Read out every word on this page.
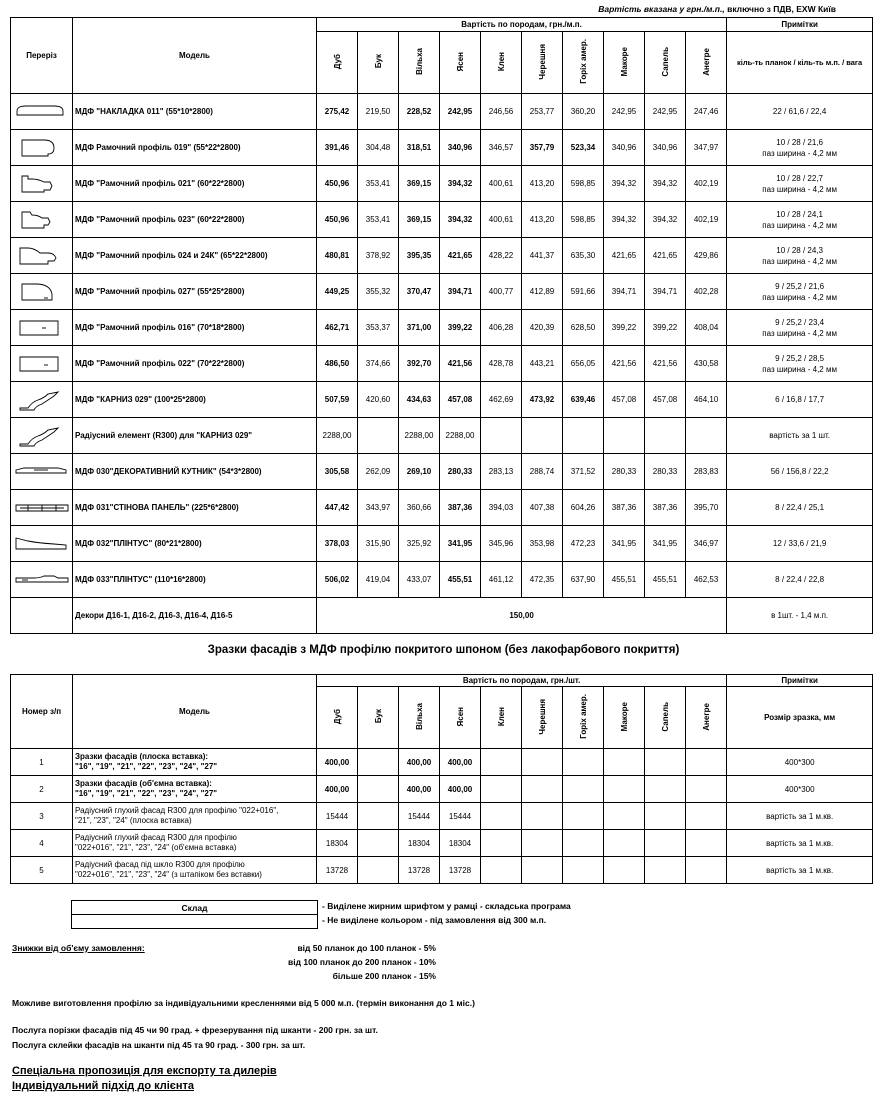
Вартість вказана у грн./м.п., включно з ПДВ, EXW Київ
Переріз	Модель	Вартість по породам, грн./м.п.										Примітки
		Дуб	Бук	Вільха	Ясен	Клен	Черешня	Горіх амер.	Макоре	Сапель	Анегре	кіль-ть планок / кіль-ть м.п. / вага

	МДФ "НАКЛАДКА 011" (55*10*2800)	275,42	219,50	228,52	242,95	246,56	253,77	360,20	242,95	242,95	247,46	22 / 61,6 / 22,4

	МДФ Рамочний профіль 019" (55*22*2800)	391,46	304,48	318,51	340,96	346,57	357,79	523,34	340,96	340,96	347,97	10 / 28 / 21,6
паз ширина - 4,2 мм

	МДФ "Рамочний профіль 021" (60*22*2800)	450,96	353,41	369,15	394,32	400,61	413,20	598,85	394,32	394,32	402,19	10 / 28 / 22,7
паз ширина - 4,2 мм

	МДФ "Рамочний профіль 023" (60*22*2800)	450,96	353,41	369,15	394,32	400,61	413,20	598,85	394,32	394,32	402,19	10 / 28 / 24,1
паз ширина - 4,2 мм

	МДФ "Рамочний профіль 024 и 24К" (65*22*2800)	480,81	378,92	395,35	421,65	428,22	441,37	635,30	421,65	421,65	429,86	10 / 28 / 24,3
паз ширина - 4,2 мм

	МДФ "Рамочний профіль 027" (55*25*2800)	449,25	355,32	370,47	394,71	400,77	412,89	591,66	394,71	394,71	402,28	9 / 25,2 / 21,6
паз ширина - 4,2 мм

	МДФ "Рамочний профіль 016" (70*18*2800)	462,71	353,37	371,00	399,22	406,28	420,39	628,50	399,22	399,22	408,04	9 / 25,2 / 23,4
паз ширина - 4,2 мм

	МДФ "Рамочний профіль 022" (70*22*2800)	486,50	374,66	392,70	421,56	428,78	443,21	656,05	421,56	421,56	430,58	9 / 25,2 / 28,5
паз ширина - 4,2 мм

	МДФ "КАРНИЗ 029" (100*25*2800)	507,59	420,60	434,63	457,08	462,69	473,92	639,46	457,08	457,08	464,10	6 / 16,8 / 17,7

	Радіусний елемент (R300) для "КАРНИЗ 029"	2288,00		2288,00	2288,00							вартість за 1 шт.

	МДФ 030"ДЕКОРАТИВНИЙ КУТНИК" (54*3*2800)	305,58	262,09	269,10	280,33	283,13	288,74	371,52	280,33	280,33	283,83	56 / 156,8 / 22,2

	МДФ 031"СТІНОВА ПАНЕЛЬ" (225*6*2800)	447,42	343,97	360,66	387,36	394,03	407,38	604,26	387,36	387,36	395,70	8 / 22,4 / 25,1

	МДФ 032"ПЛІНТУС" (80*21*2800)	378,03	315,90	325,92	341,95	345,96	353,98	472,23	341,95	341,95	346,97	12 / 33,6 / 21,9

	МДФ 033"ПЛІНТУС" (110*16*2800)	506,02	419,04	433,07	455,51	461,12	472,35	637,90	455,51	455,51	462,53	8 / 22,4 / 22,8

	Декори Д16-1, Д16-2, Д16-3, Д16-4, Д16-5	150,00										в 1шт. - 1,4 м.п.
Зразки фасадів з МДФ профілю покритого шпоном (без лакофарбового покриття)
Номер з/п	Модель	Вартість по породам, грн./шт.										Примітки
		Дуб	Бук	Вільха	Ясен	Клен	Черешня	Горіх амер.	Макоре	Сапель	Анегре	Розмір зразка, мм
1	Зразки фасадів (плоска вставка):
"16", "19", "21", "22", "23", "24", "27"	400,00		400,00	400,00							400*300
2	Зразки фасадів (об'ємна вставка):
"16", "19", "21", "22", "23", "24", "27"	400,00		400,00	400,00							400*300
3	Радіусний глухий фасад R300 для профілю "022+016",
"21", "23", "24" (плоска вставка)	15444		15444	15444							вартість за 1 м.кв.
4	Радіусний глухий фасад R300 для профілю
"022+016", "21", "23", "24" (об'ємна вставка)	18304		18304	18304							вартість за 1 м.кв.
5	Радіусний фасад під шкло R300 для профілю
"022+016", "21", "23", "24" (з штапіком без вставки)	13728		13728	13728							вартість за 1 м.кв.
Склад	- Виділене жирним шрифтом у рамці - складська програма
- Не виділене кольором - під замовлення від 300 м.п.
Знижки від об'єму замовлення:	від 50 планок до 100 планок - 5%
від 100 планок до 200 планок - 10%
більше 200 планок - 15%
Можливе виготовлення профілю за індивідуальними кресленнями від 5 000 м.п. (термін виконання до 1 міс.)
Послуга порізки фасадів під 45 чи 90 град. + фрезерування під шканти - 200 грн. за шт.
Послуга склейки фасадів на шканти під 45 та 90 град. - 300 грн. за шт.
Спеціальна пропозиція для експорту та дилерів
Індивідуальний підхід до клієнта
